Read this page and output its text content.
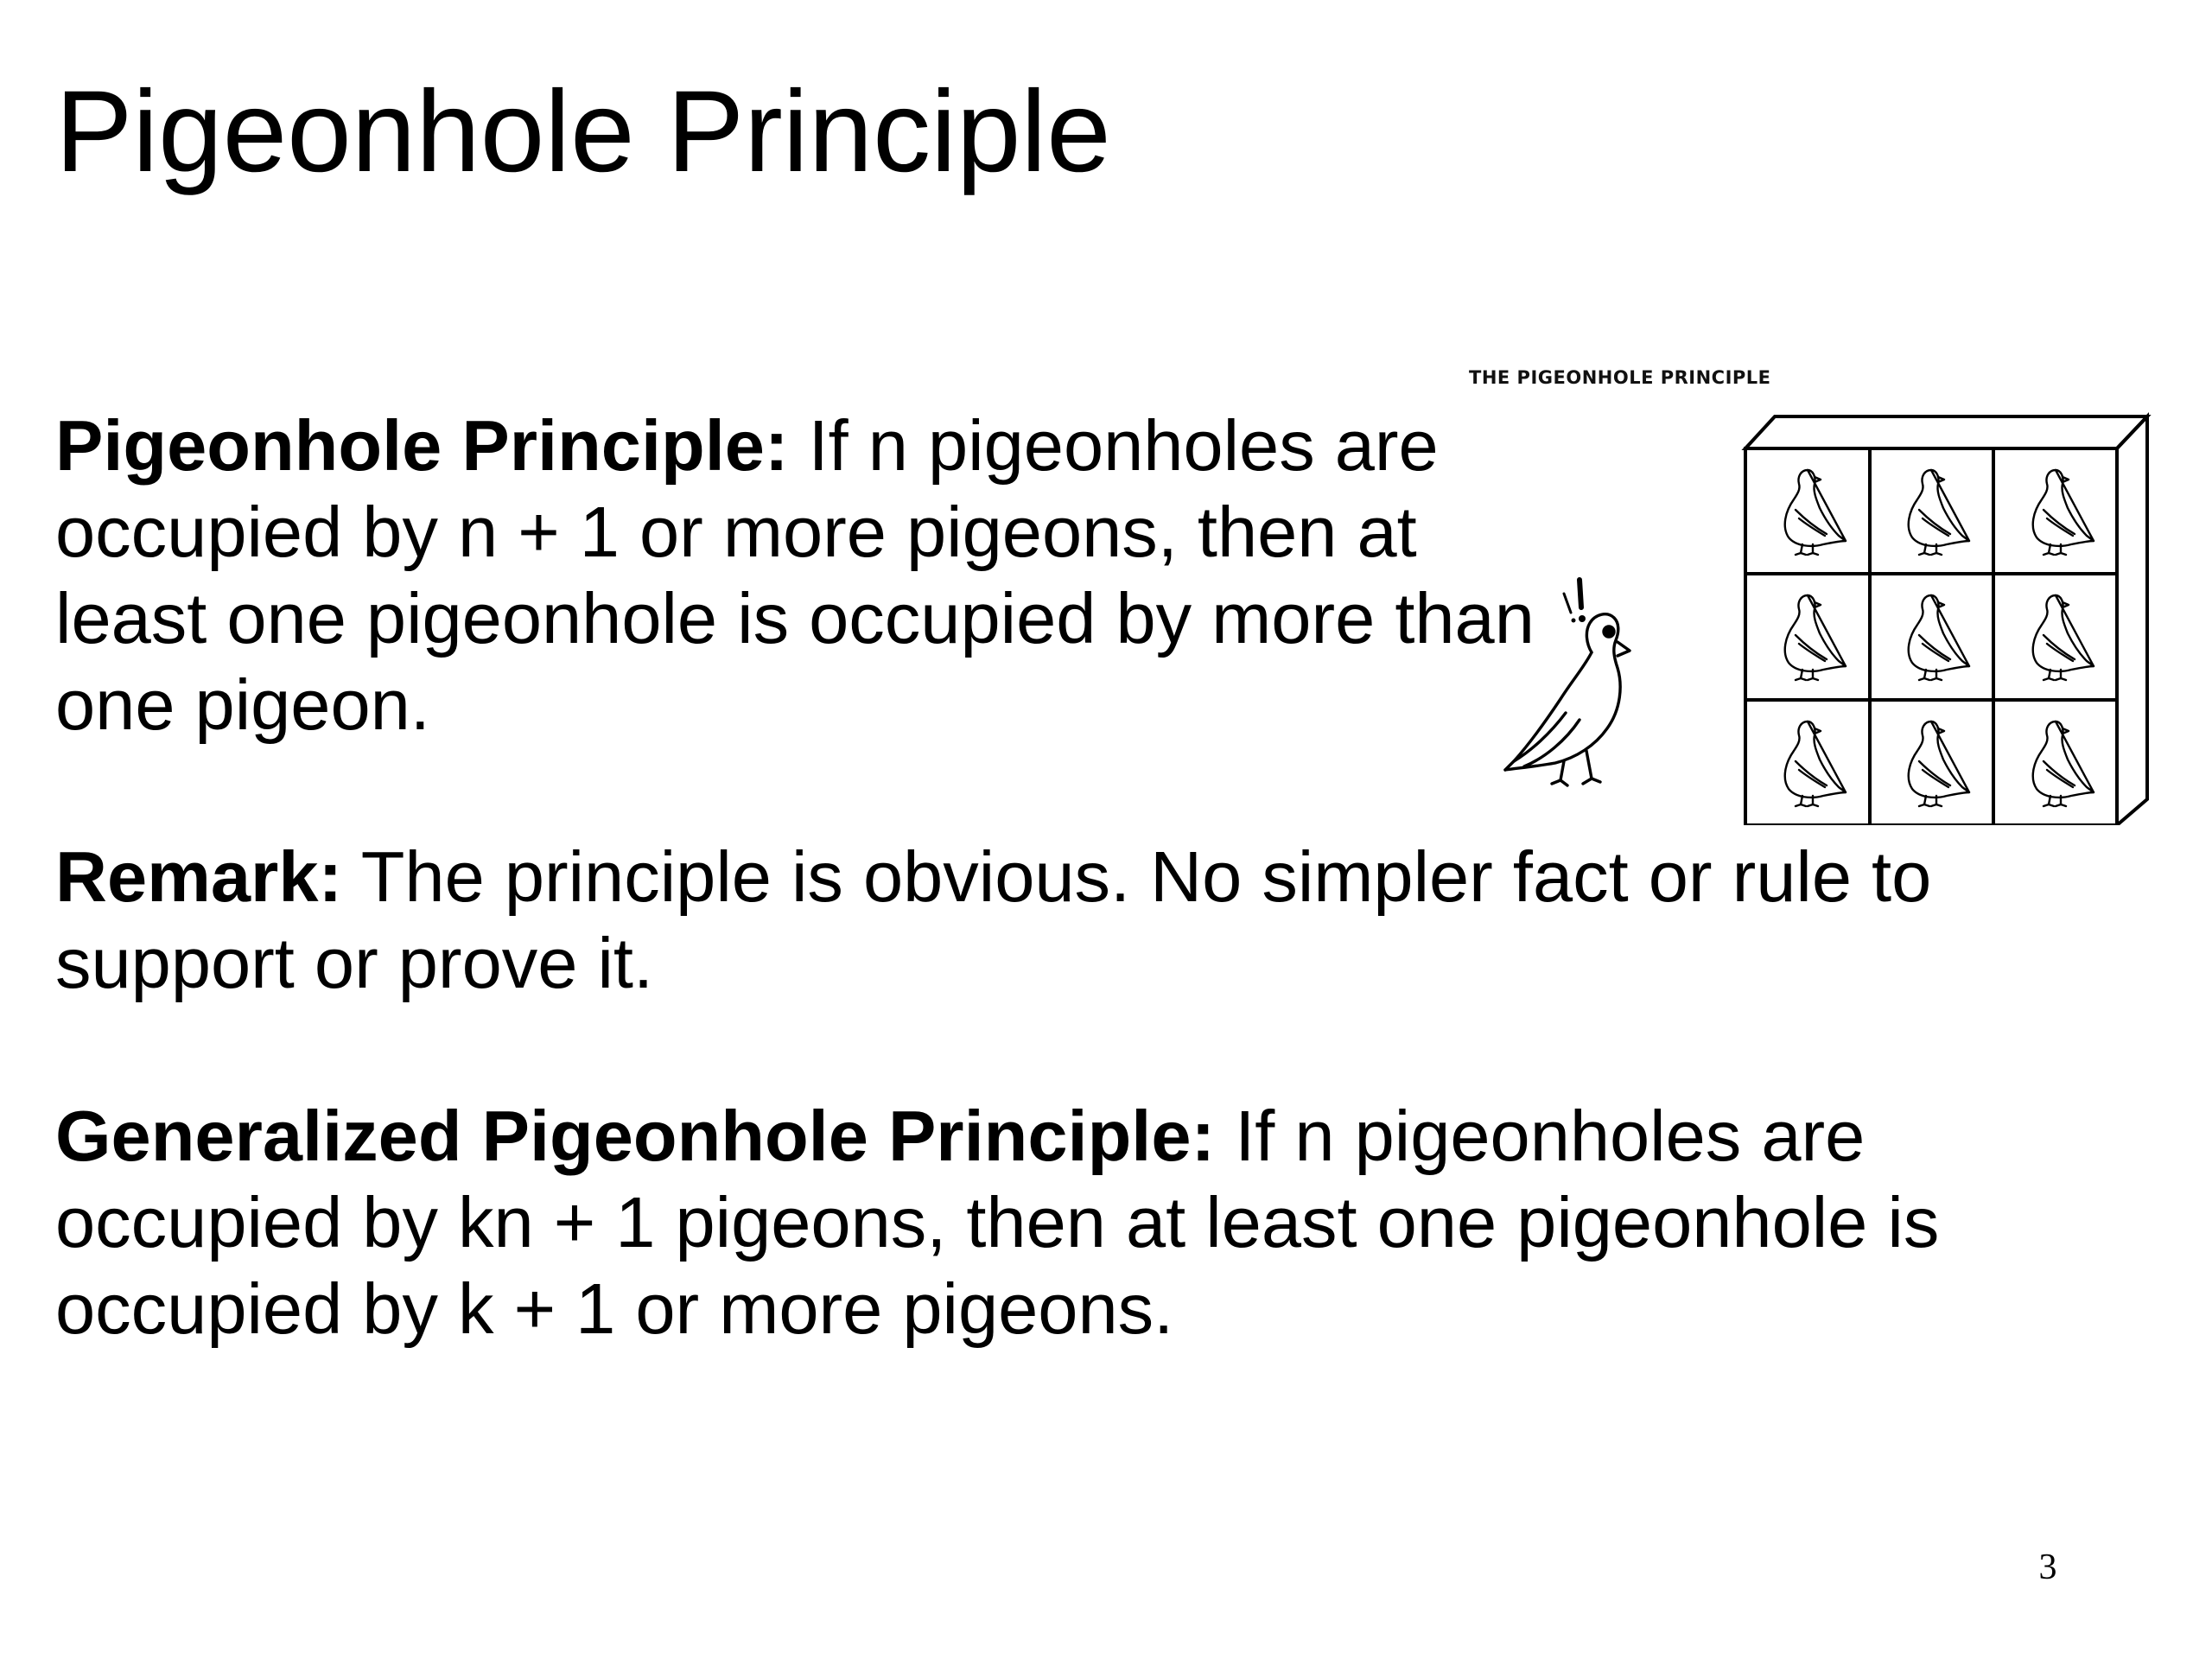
Pigeonhole Principle

Pigeonhole Principle: If n pigeonholes are occupied by n + 1 or more pigeons, then at least one pigeonhole is occupied by more than one pigeon.

Remark: The principle is obvious. No simpler fact or rule to support or prove it.

Generalized Pigeonhole Principle: If n pigeonholes are occupied by kn + 1 pigeons, then at least one pigeonhole is occupied by k + 1 or more pigeons.

THE PIGEONHOLE PRINCIPLE
3
